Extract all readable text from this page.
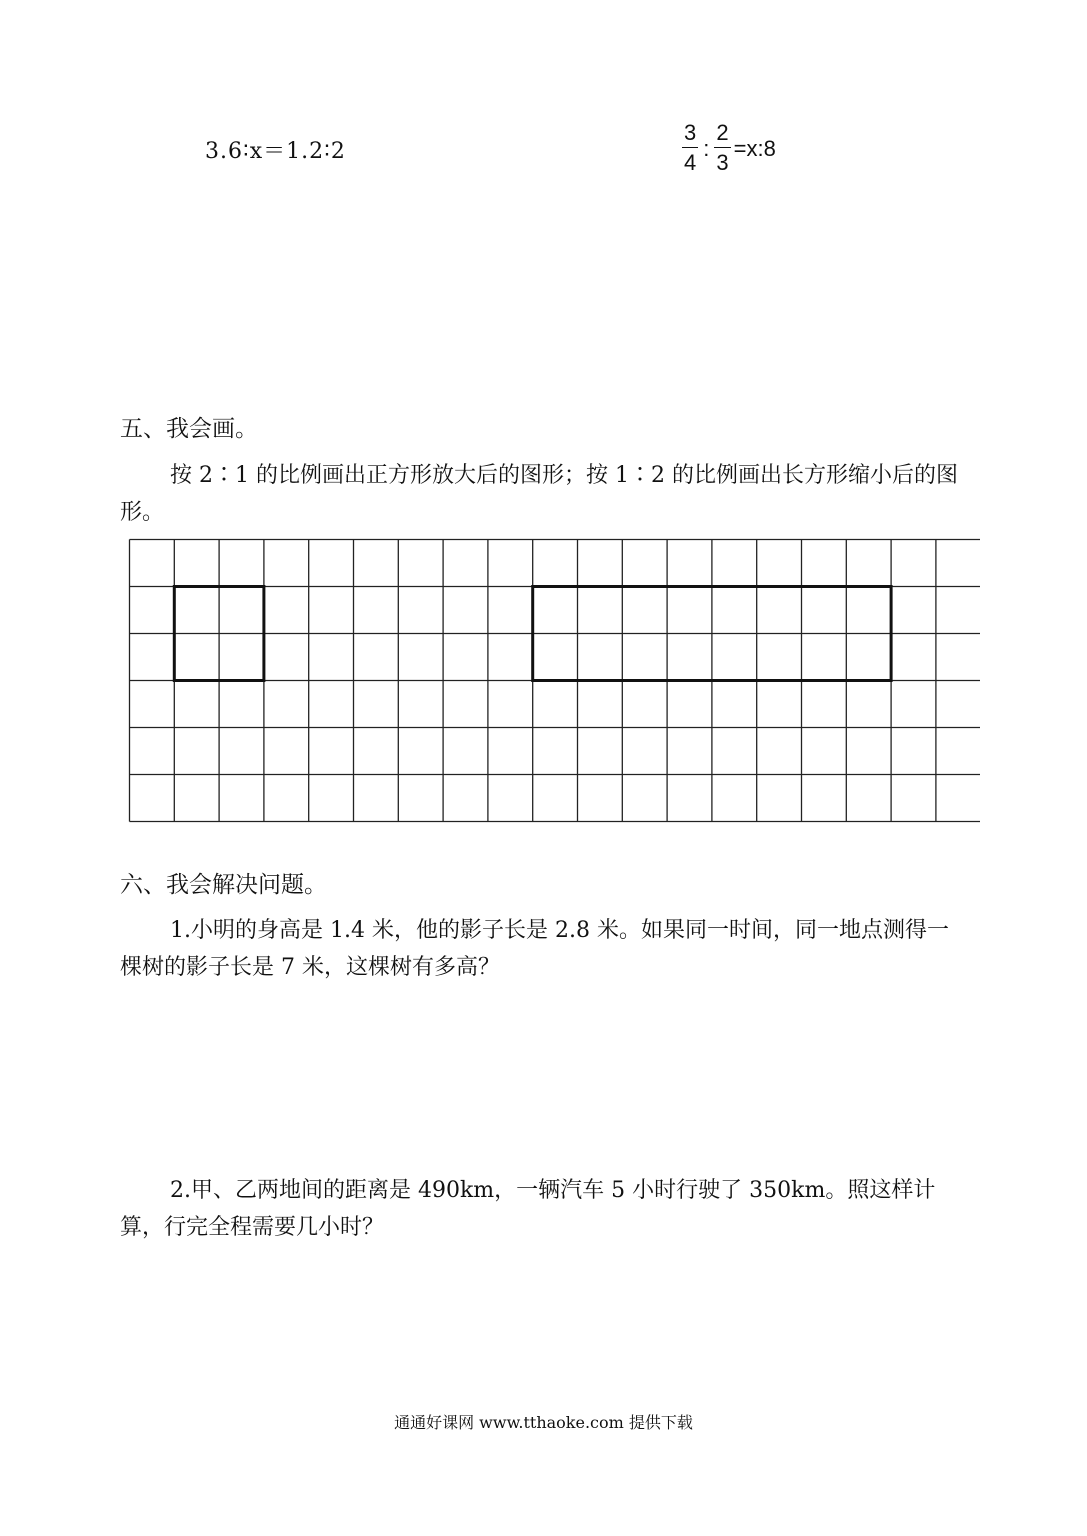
3.6∶x＝1.2∶2	$\frac{3}{4}$ : $\frac{2}{3}$ =x:8
五、我会画。
按 2∶1 的比例画出正方形放大后的图形；按 1∶2 的比例画出长方形缩小后的图形。
六、我会解决问题。
1.小明的身高是 1.4 米，他的影子长是 2.8 米。如果同一时间，同一地点测得一棵树的影子长是 7 米，这棵树有多高？
2.甲、乙两地间的距离是 490km，一辆汽车 5 小时行驶了 350km。照这样计算，行完全程需要几小时？
通通好课网 www.tthaoke.com 提供下载
